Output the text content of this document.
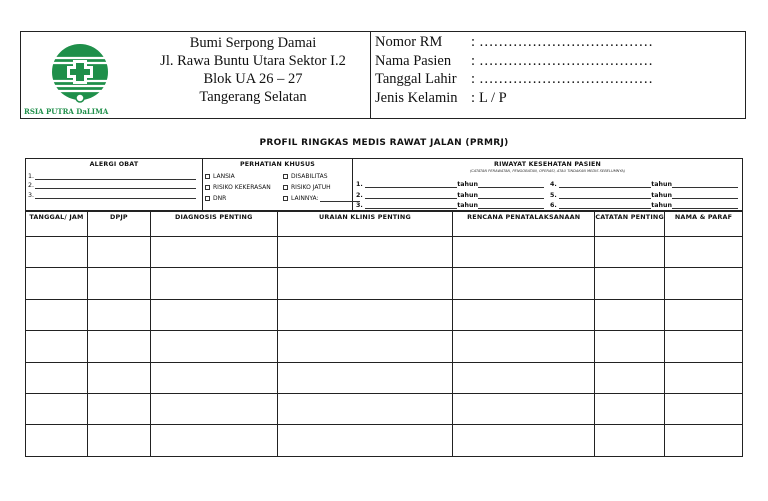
RSIA PUTRA DaLIMA
Bumi Serpong Damai
Jl. Rawa Buntu Utara Sektor I.2
Blok UA 26 – 27
Tangerang Selatan
Nomor RM	: ………………………………
Nama Pasien	: ………………………………
Tanggal Lahir : ………………………………
Jenis Kelamin : L / P
PROFIL RINGKAS MEDIS RAWAT JALAN (PRMRJ)
ALERGI OBAT
1.
2.
3.
PERHATIAN KHUSUS
LANSIA	DISABILITAS
RISIKO KEKERASAN	RISIKO JATUH
DNR	LAINNYA:
RIWAYAT KESEHATAN PASIEN
(CATATAN PERAWATAN, PENGOBATAN, OPERASI, ATAU TINDAKAN MEDIS SEBELUMNYA)
1.	tahun	4.	tahun
2.	tahun	5.	tahun
3.	tahun	6.	tahun
TANGGAL/ JAM	DPJP	DIAGNOSIS PENTING	URAIAN KLINIS PENTING	RENCANA PENATALAKSANAAN	CATATAN PENTING	NAMA & PARAF
